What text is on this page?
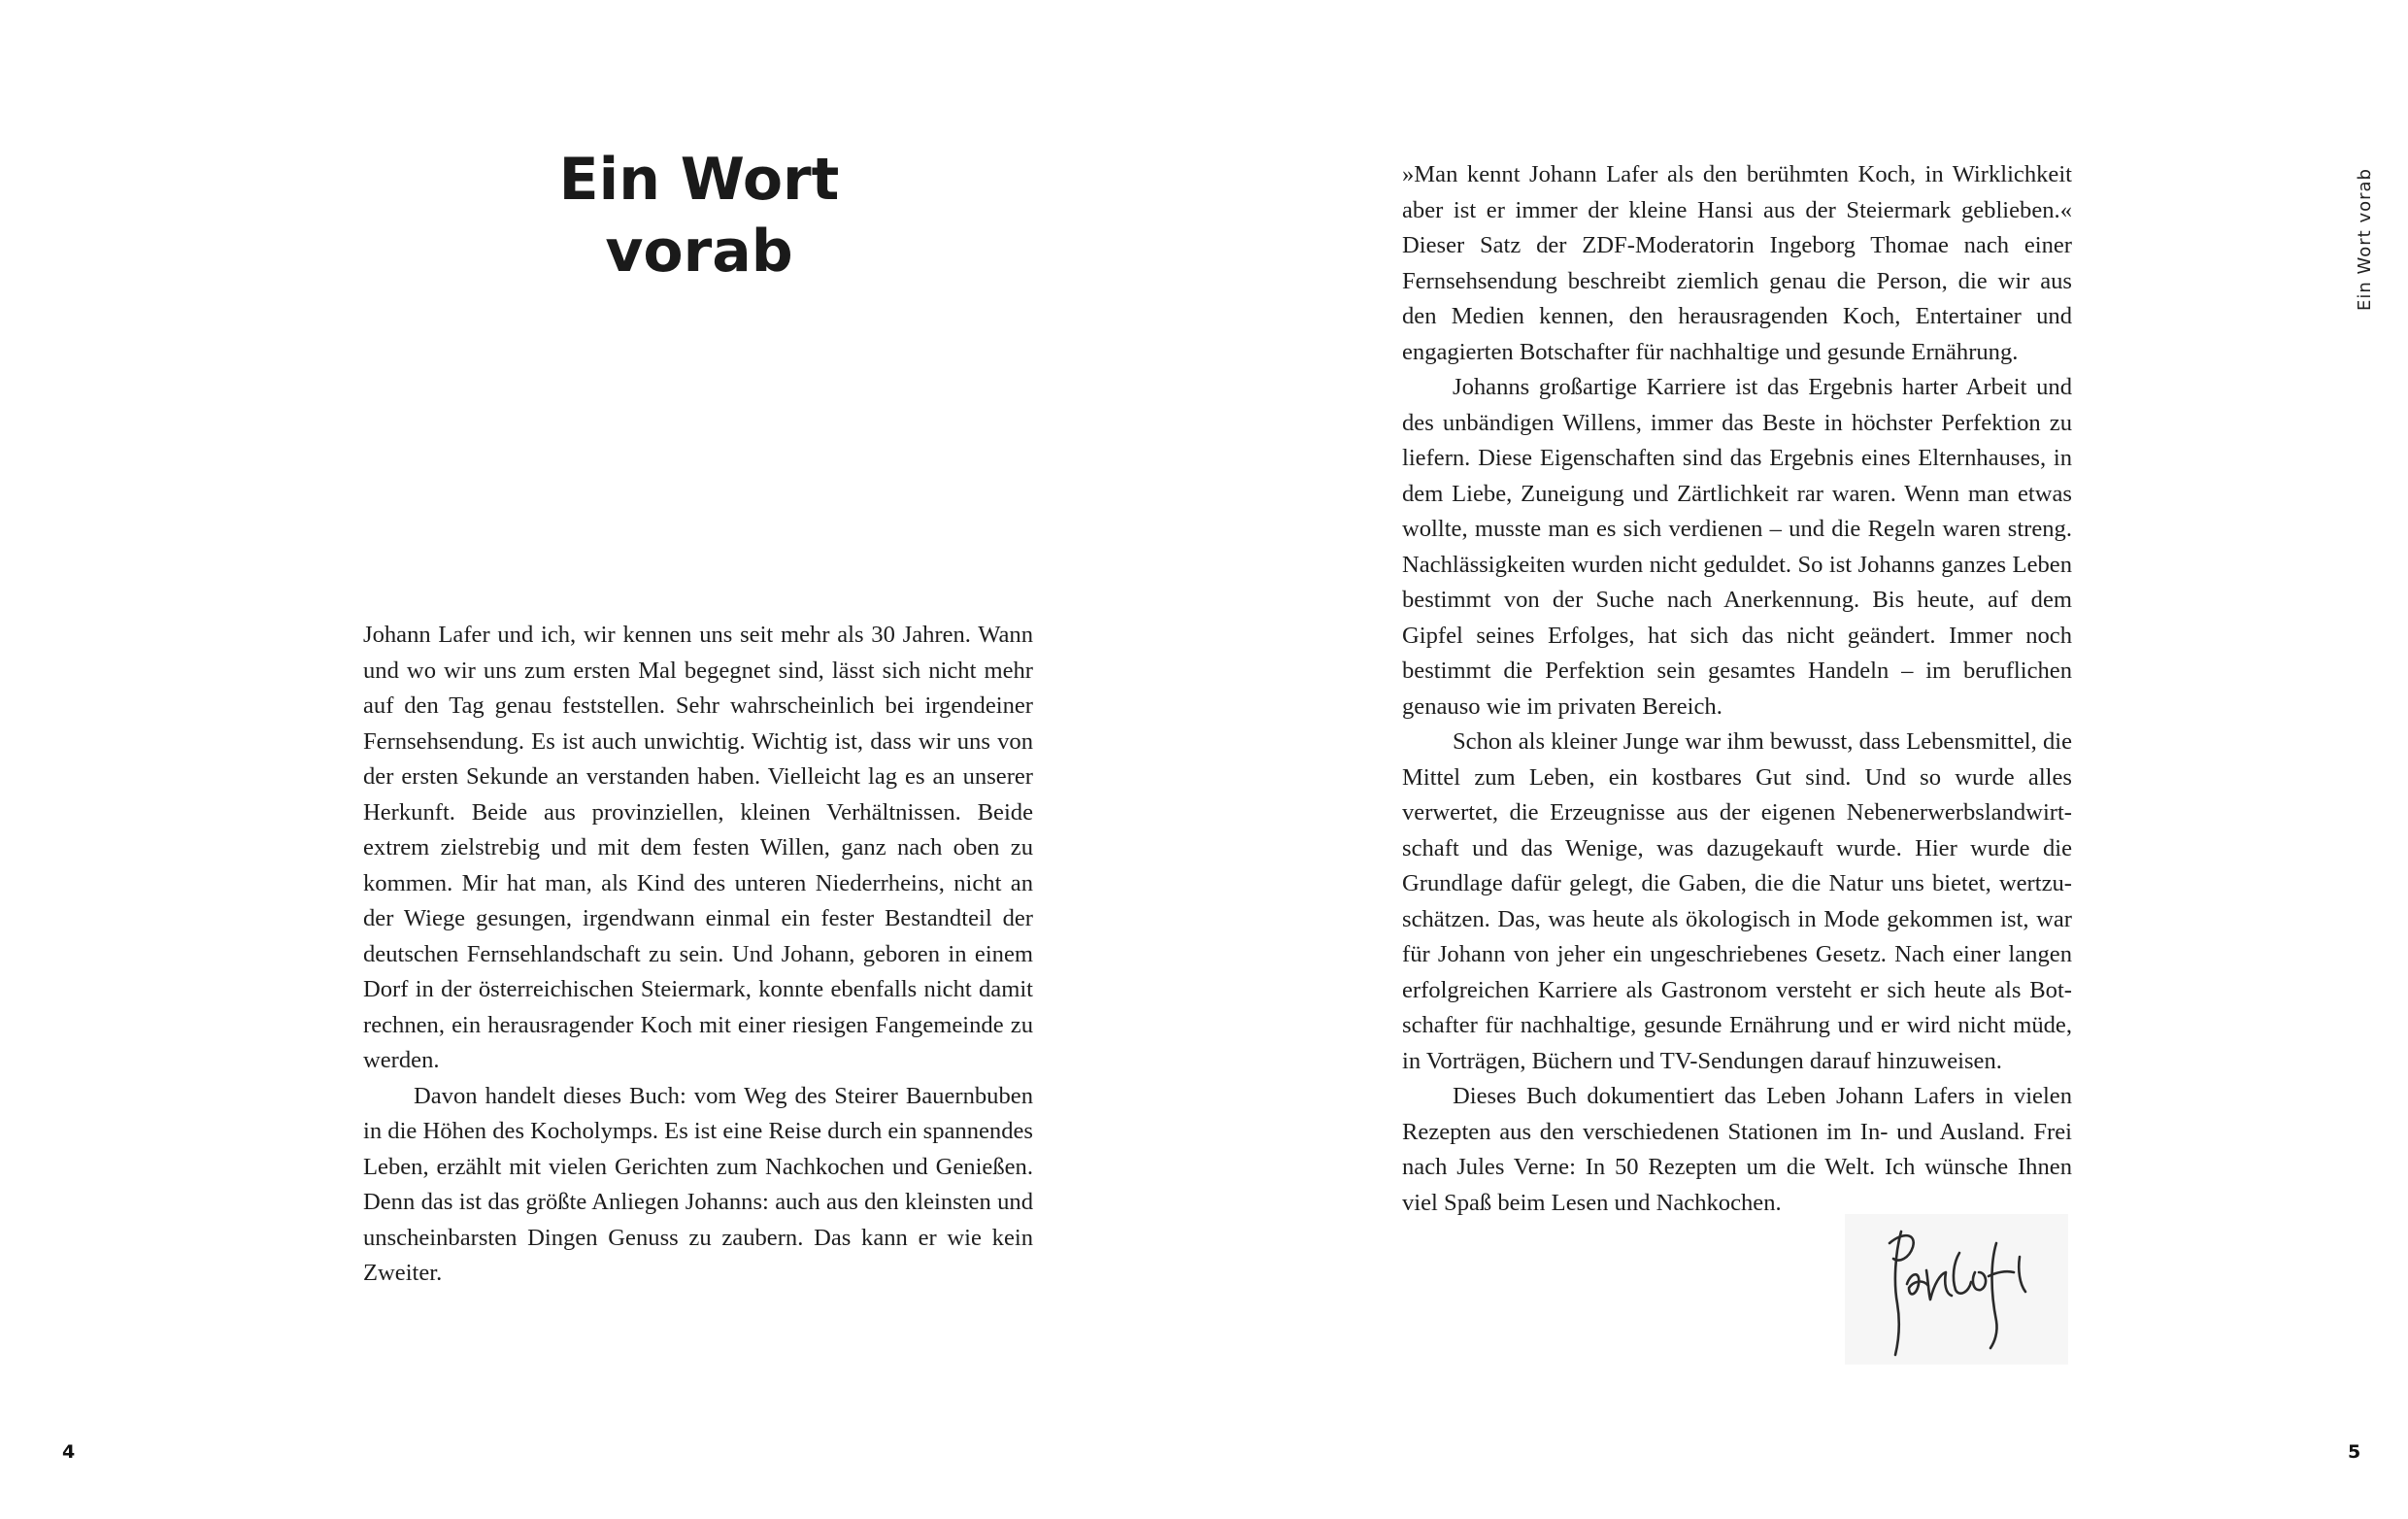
Ein Wort
vorab

Johann Lafer und ich, wir kennen uns seit mehr als 30 Jahren. Wann und wo wir uns zum ersten Mal begegnet sind, lässt sich nicht mehr auf den Tag genau feststellen. Sehr wahrscheinlich bei irgendeiner Fernsehsendung. Es ist auch unwichtig. Wichtig ist, dass wir uns von der ersten Sekunde an verstanden haben. Vielleicht lag es an unserer Herkunft. Beide aus provinziellen, kleinen Verhältnissen. Beide extrem zielstrebig und mit dem festen Willen, ganz nach oben zu kommen. Mir hat man, als Kind des unteren Niederrheins, nicht an der Wiege gesungen, irgendwann einmal ein fester Bestandteil der deutschen Fernsehlandschaft zu sein. Und Johann, geboren in einem Dorf in der österreichischen Steiermark, konnte ebenfalls nicht damit rechnen, ein herausragender Koch mit einer riesigen Fangemeinde zu werden.

Davon handelt dieses Buch: vom Weg des Steirer Bauernbuben in die Höhen des Kocholymps. Es ist eine Reise durch ein spannendes Leben, erzählt mit vielen Gerichten zum Nachkochen und Genießen. Denn das ist das größte Anliegen Johanns: auch aus den kleinsten und unscheinbarsten Dingen Genuss zu zaubern. Das kann er wie kein Zweiter.

»Man kennt Johann Lafer als den berühmten Koch, in Wirklichkeit aber ist er immer der kleine Hansi aus der Steiermark geblieben.« Dieser Satz der ZDF-Moderatorin Ingeborg Thomae nach einer Fernsehsendung beschreibt ziemlich genau die Person, die wir aus den Medien kennen, den herausragenden Koch, Entertainer und engagierten Botschafter für nachhaltige und gesunde Ernährung.

Johanns großartige Karriere ist das Ergebnis harter Arbeit und des unbändigen Willens, immer das Beste in höchster Perfektion zu liefern. Diese Eigenschaften sind das Ergebnis eines Elternhauses, in dem Liebe, Zuneigung und Zärtlichkeit rar waren. Wenn man etwas wollte, musste man es sich verdienen – und die Regeln waren streng. Nachlässigkeiten wurden nicht geduldet. So ist Johanns ganzes Leben bestimmt von der Suche nach Anerkennung. Bis heute, auf dem Gipfel seines Erfolges, hat sich das nicht geändert. Immer noch bestimmt die Perfektion sein gesamtes Handeln – im beruflichen genauso wie im privaten Bereich.

Schon als kleiner Junge war ihm bewusst, dass Lebensmittel, die Mittel zum Leben, ein kostbares Gut sind. Und so wurde alles verwertet, die Erzeugnisse aus der eigenen Nebenerwerbslandwirtschaft und das Wenige, was dazugekauft wurde. Hier wurde die Grundlage dafür gelegt, die Gaben, die die Natur uns bietet, wertzuschätzen. Das, was heute als ökologisch in Mode gekommen ist, war für Johann von jeher ein ungeschriebenes Gesetz. Nach einer langen erfolgreichen Karriere als Gastronom versteht er sich heute als Botschafter für nachhaltige, gesunde Ernährung und er wird nicht müde, in Vorträgen, Büchern und TV-Sendungen darauf hinzuweisen.

Dieses Buch dokumentiert das Leben Johann Lafers in vielen Rezepten aus den verschiedenen Stationen im In- und Ausland. Frei nach Jules Verne: In 50 Rezepten um die Welt. Ich wünsche Ihnen viel Spaß beim Lesen und Nachkochen.

Ein Wort vorab
4	5
